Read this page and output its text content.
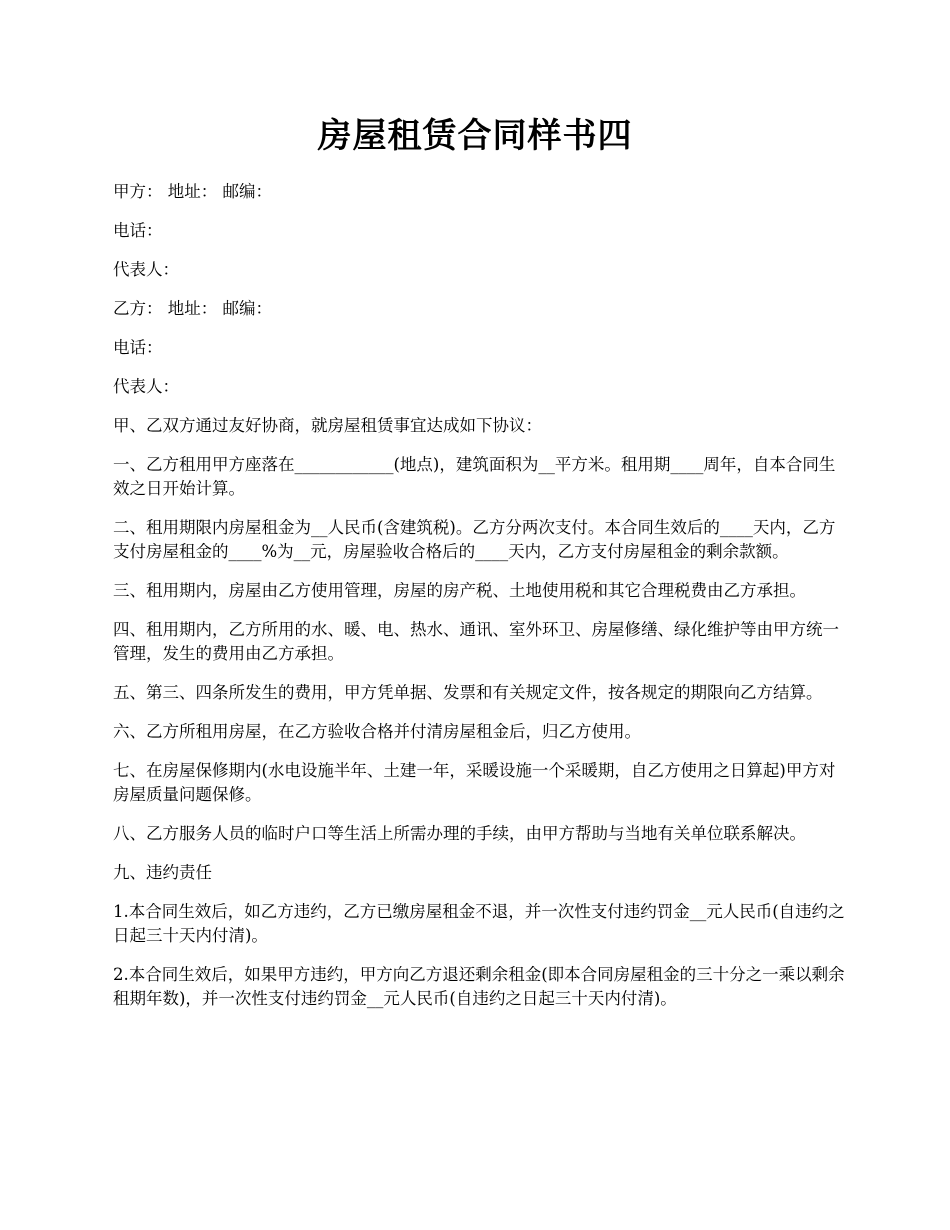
房屋租赁合同样书四

甲方： 地址： 邮编：

电话：

代表人：

乙方： 地址： 邮编：

电话：

代表人：

甲、乙双方通过友好协商，就房屋租赁事宜达成如下协议：

一、乙方租用甲方座落在____________(地点)，建筑面积为__平方米。租用期____周年，自本合同生效之日开始计算。

二、租用期限内房屋租金为__人民币(含建筑税)。乙方分两次支付。本合同生效后的____天内，乙方支付房屋租金的____%为__元，房屋验收合格后的____天内，乙方支付房屋租金的剩余款额。

三、租用期内，房屋由乙方使用管理，房屋的房产税、土地使用税和其它合理税费由乙方承担。

四、租用期内，乙方所用的水、暖、电、热水、通讯、室外环卫、房屋修缮、绿化维护等由甲方统一管理，发生的费用由乙方承担。

五、第三、四条所发生的费用，甲方凭单据、发票和有关规定文件，按各规定的期限向乙方结算。

六、乙方所租用房屋，在乙方验收合格并付清房屋租金后，归乙方使用。

七、在房屋保修期内(水电设施半年、土建一年，采暖设施一个采暖期，自乙方使用之日算起)甲方对房屋质量问题保修。

八、乙方服务人员的临时户口等生活上所需办理的手续，由甲方帮助与当地有关单位联系解决。

九、违约责任

1.本合同生效后，如乙方违约，乙方已缴房屋租金不退，并一次性支付违约罚金__元人民币(自违约之日起三十天内付清)。

2.本合同生效后，如果甲方违约，甲方向乙方退还剩余租金(即本合同房屋租金的三十分之一乘以剩余租期年数)，并一次性支付违约罚金__元人民币(自违约之日起三十天内付清)。
